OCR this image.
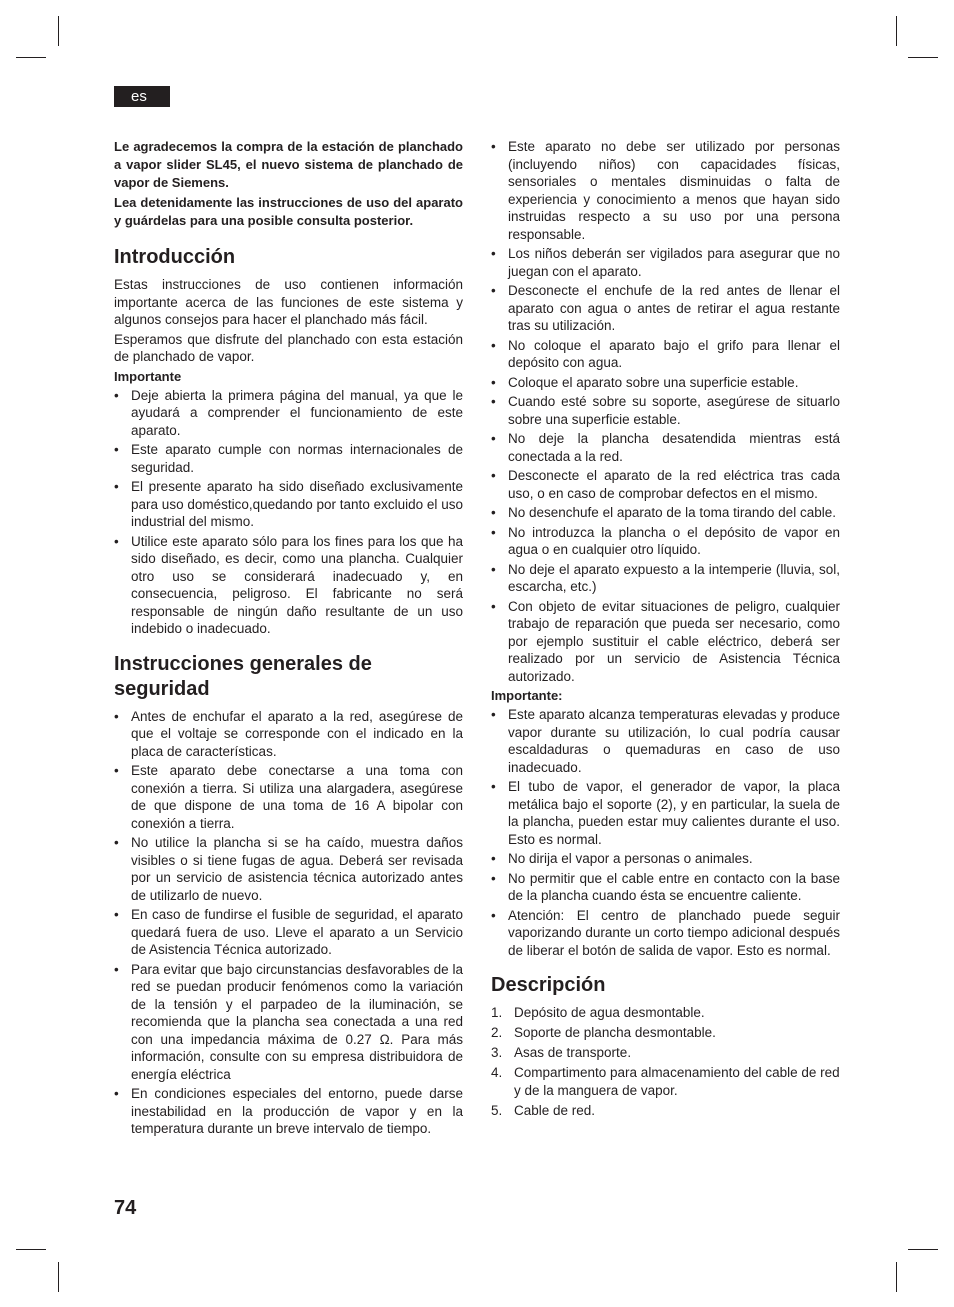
es

Le agradecemos la compra de la estación de planchado a vapor slider SL45, el nuevo sistema de planchado de vapor de Siemens.

Lea detenidamente las instrucciones de uso del aparato y guárdelas para una posible consulta posterior.

Introducción

Estas instrucciones de uso contienen información importante acerca de las funciones de este sistema y algunos consejos para hacer el planchado más fácil.

Esperamos que disfrute del planchado con esta estación de planchado de vapor.

Importante
• Deje abierta la primera página del manual, ya que le ayudará a comprender el funcionamiento de este aparato.
• Este aparato cumple con normas internacionales de seguridad.
• El presente aparato ha sido diseñado exclusivamente para uso doméstico,quedando por tanto excluido el uso industrial del mismo.
• Utilice este aparato sólo para los fines para los que ha sido diseñado, es decir, como una plancha. Cualquier otro uso se considerará inadecuado y, en consecuencia, peligroso. El fabricante no será responsable de ningún daño resultante de un uso indebido o inadecuado.
Instrucciones generales de
seguridad
• Antes de enchufar el aparato a la red, asegúrese de que el voltaje se corresponde con el indicado en la placa de características.
• Este aparato debe conectarse a una toma con conexión a tierra. Si utiliza una alargadera, asegúrese de que dispone de una toma de 16 A bipolar con conexión a tierra.
• No utilice la plancha si se ha caído, muestra daños visibles o si tiene fugas de agua. Deberá ser revisada por un servicio de asistencia técnica autorizado antes de utilizarlo de nuevo.
• En caso de fundirse el fusible de seguridad, el aparato quedará fuera de uso. Lleve el aparato a un Servicio de Asistencia Técnica autorizado.
• Para evitar que bajo circunstancias desfavorables de la red se puedan producir fenómenos como la variación de la tensión y el parpadeo de la iluminación, se recomienda que la plancha sea conectada a una red con una impedancia máxima de 0.27 Ω. Para más información, consulte con su empresa distribuidora de energía eléctrica
• En condiciones especiales del entorno, puede darse inestabilidad en la producción de vapor y en la temperatura durante un breve intervalo de tiempo.
• Este aparato no debe ser utilizado por personas (incluyendo niños) con capacidades físicas, sensoriales o mentales disminuidas o falta de experiencia y conocimiento a menos que hayan sido instruidas respecto a su uso por una persona responsable.
• Los niños deberán ser vigilados para asegurar que no juegan con el aparato.
• Desconecte el enchufe de la red antes de llenar el aparato con agua o antes de retirar el agua restante tras su utilización.
• No coloque el aparato bajo el grifo para llenar el depósito con agua.
• Coloque el aparato sobre una superficie estable.
• Cuando esté sobre su soporte, asegúrese de situarlo sobre una superficie estable.
• No deje la plancha desatendida mientras está conectada a la red.
• Desconecte el aparato de la red eléctrica tras cada uso, o en caso de comprobar defectos en el mismo.
• No desenchufe el aparato de la toma tirando del cable.
• No introduzca la plancha o el depósito de vapor en agua o en cualquier otro líquido.
• No deje el aparato expuesto a la intemperie (lluvia, sol, escarcha, etc.)
• Con objeto de evitar situaciones de peligro, cualquier trabajo de reparación que pueda ser necesario, como por ejemplo sustituir el cable eléctrico, deberá ser realizado por un servicio de Asistencia Técnica autorizado.
Importante:
• Este aparato alcanza temperaturas elevadas y produce vapor durante su utilización, lo cual podría causar escaldaduras o quemaduras en caso de uso inadecuado.
• El tubo de vapor, el generador de vapor, la placa metálica bajo el soporte (2), y en particular, la suela de la plancha, pueden estar muy calientes durante el uso. Esto es normal.
• No dirija el vapor a personas o animales.
• No permitir que el cable entre en contacto con la base de la plancha cuando ésta se encuentre caliente.
• Atención: El centro de planchado puede seguir vaporizando durante un corto tiempo adicional después de liberar el botón de salida de vapor. Esto es normal.
Descripción
1. Depósito de agua desmontable.
2. Soporte de plancha desmontable.
3. Asas de transporte.
4. Compartimento para almacenamiento del cable de red y de la manguera de vapor.
5. Cable de red.
74
